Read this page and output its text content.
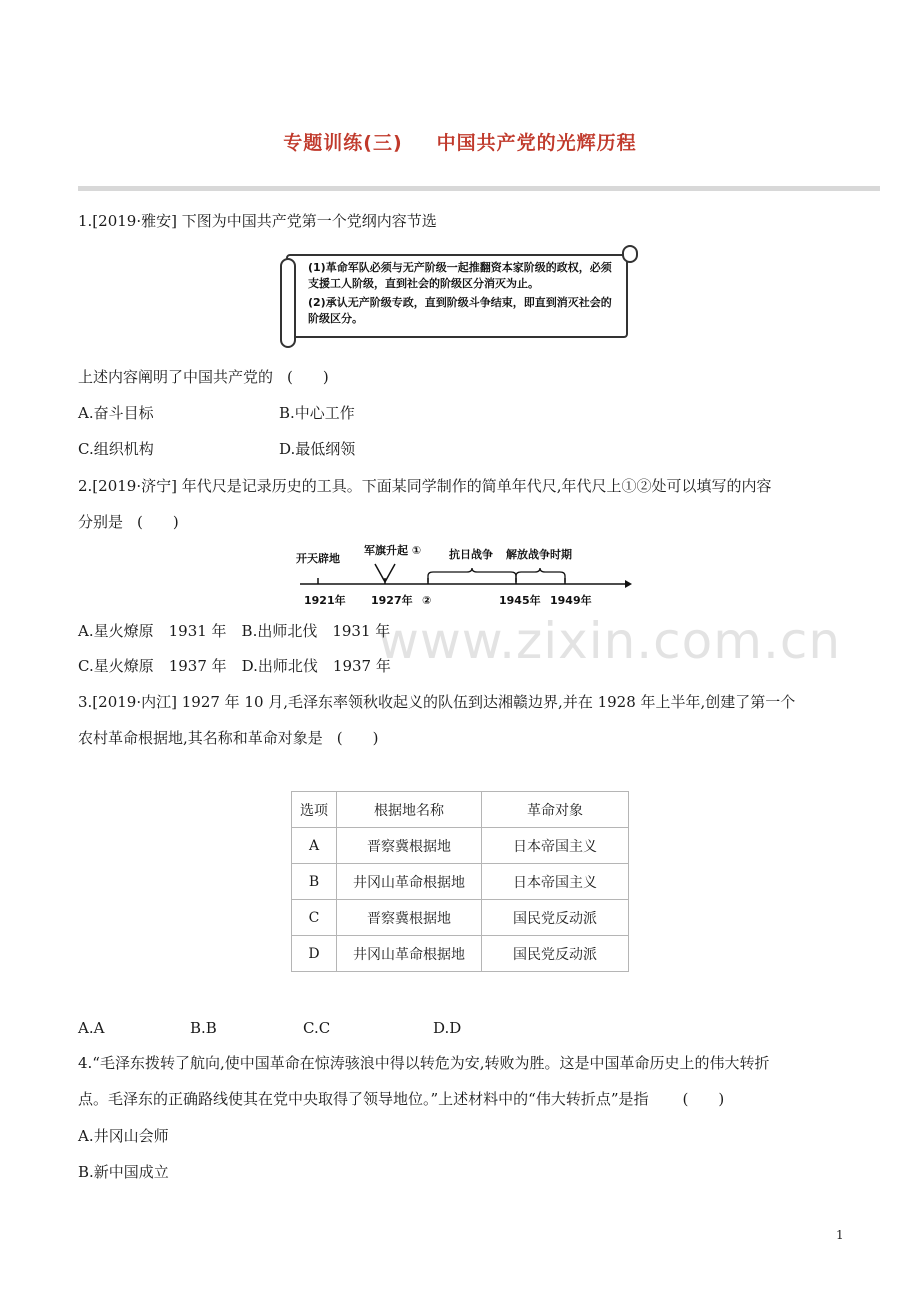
专题训练(三) 中国共产党的光辉历程
www.zixin.com.cn
1.[2019·雅安] 下图为中国共产党第一个党纲内容节选

(1)革命军队必须与无产阶级一起推翻资本家阶级的政权，必须支援工人阶级，直到社会的阶级区分消灭为止。

(2)承认无产阶级专政，直到阶级斗争结束，即直到消灭社会的阶级区分。

上述内容阐明了中国共产党的 (　　)
A.奋斗目标	B.中心工作
C.组织机构	D.最低纲领
2.[2019·济宁] 年代尺是记录历史的工具。下面某同学制作的简单年代尺,年代尺上①②处可以填写的内容
分别是 (　　)
开天辟地
军旗升起 ①	抗日战争 解放战争时期
1921年 1927年 ②	1945年 1949年
A.星火燎原　1931 年　B.出师北伐　1931 年
C.星火燎原　1937 年　D.出师北伐　1937 年
3.[2019·内江] 1927 年 10 月,毛泽东率领秋收起义的队伍到达湘赣边界,并在 1928 年上半年,创建了第一个
农村革命根据地,其名称和革命对象是 (　　)
选项	根据地名称	革命对象
A	晋察冀根据地	日本帝国主义
B	井冈山革命根据地	日本帝国主义
C	晋察冀根据地	国民党反动派
D	井冈山革命根据地	国民党反动派
A.A	B.B	C.C	D.D
4.“毛泽东拨转了航向,使中国革命在惊涛骇浪中得以转危为安,转败为胜。这是中国革命历史上的伟大转折
点。毛泽东的正确路线使其在党中央取得了领导地位。”上述材料中的“伟大转折点”是指 (　　)
A.井冈山会师
B.新中国成立
1
